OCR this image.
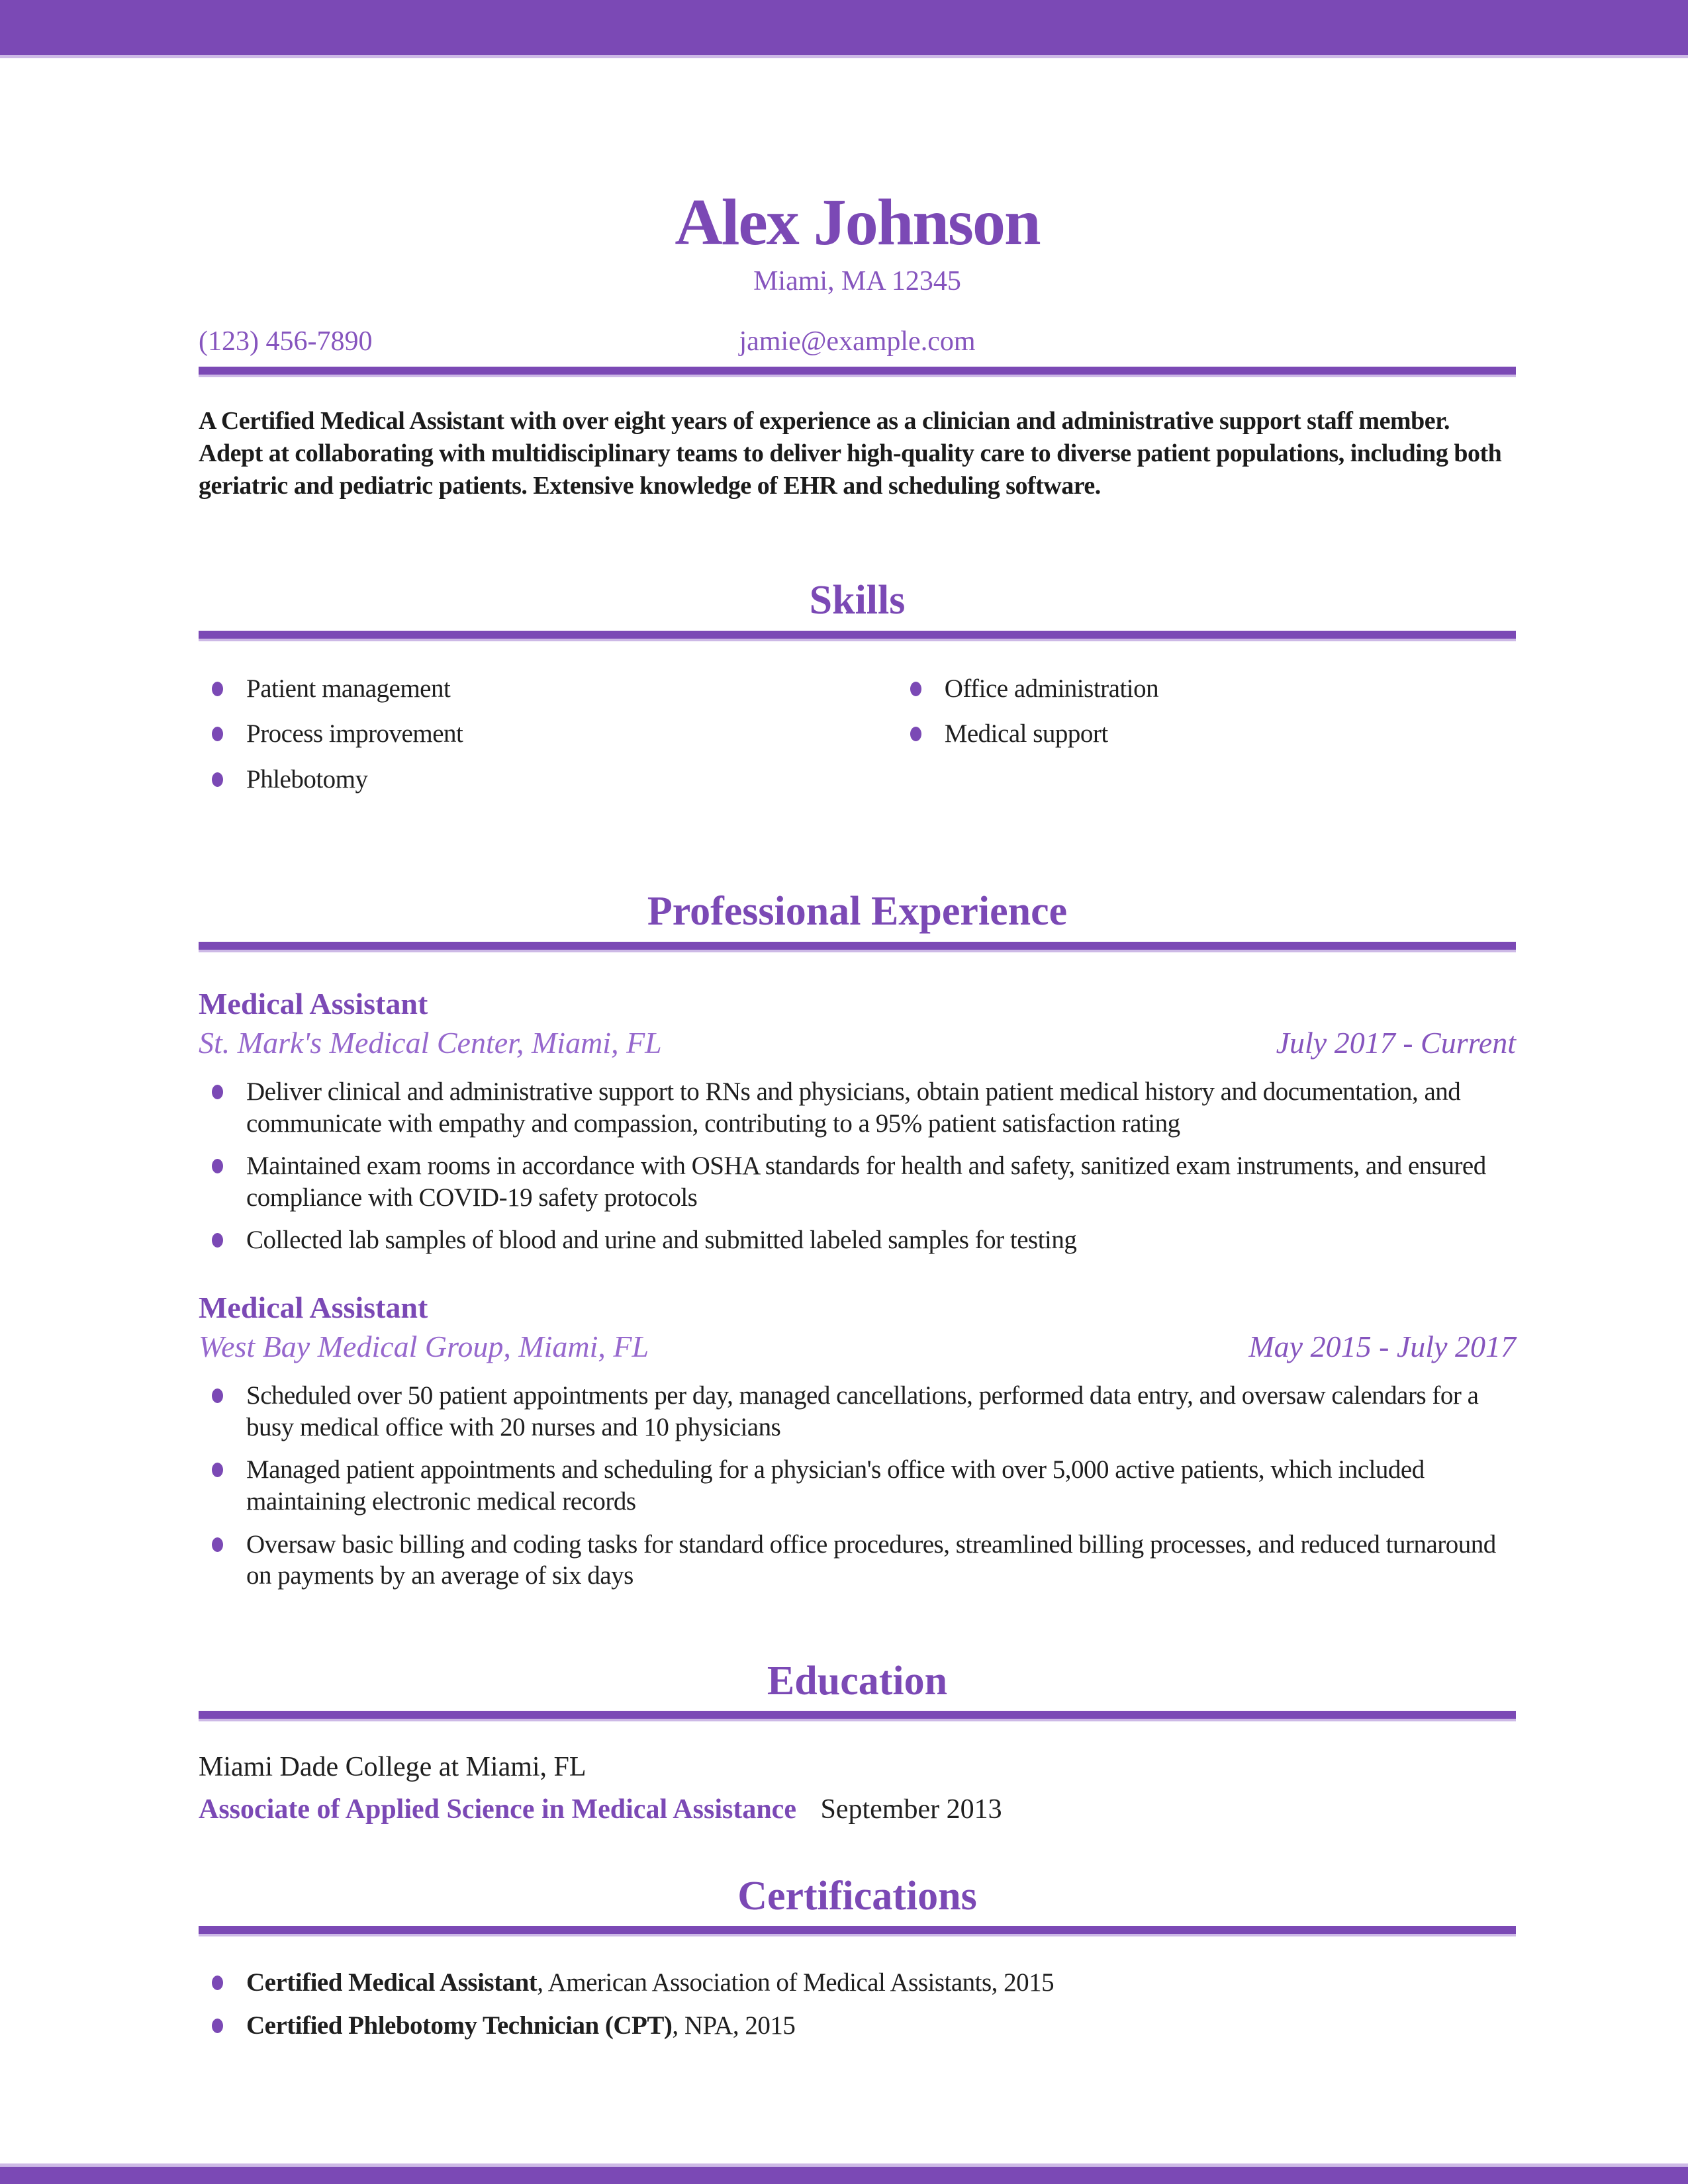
Alex Johnson
Miami, MA 12345
(123) 456-7890	jamie@example.com
A Certified Medical Assistant with over eight years of experience as a clinician and administrative support staff member. Adept at collaborating with multidisciplinary teams to deliver high-quality care to diverse patient populations, including both geriatric and pediatric patients. Extensive knowledge of EHR and scheduling software.
Skills
Patient management
Process improvement
Phlebotomy
Office administration
Medical support
Professional Experience
Medical Assistant
St. Mark's Medical Center, Miami, FL	July 2017 - Current
Deliver clinical and administrative support to RNs and physicians, obtain patient medical history and documentation, and communicate with empathy and compassion, contributing to a 95% patient satisfaction rating
Maintained exam rooms in accordance with OSHA standards for health and safety, sanitized exam instruments, and ensured compliance with COVID-19 safety protocols
Collected lab samples of blood and urine and submitted labeled samples for testing
Medical Assistant
West Bay Medical Group, Miami, FL	May 2015 - July 2017
Scheduled over 50 patient appointments per day, managed cancellations, performed data entry, and oversaw calendars for a busy medical office with 20 nurses and 10 physicians
Managed patient appointments and scheduling for a physician's office with over 5,000 active patients, which included maintaining electronic medical records
Oversaw basic billing and coding tasks for standard office procedures, streamlined billing processes, and reduced turnaround on payments by an average of six days
Education
Miami Dade College at Miami, FL
Associate of Applied Science in Medical Assistance September 2013
Certifications
Certified Medical Assistant, American Association of Medical Assistants, 2015
Certified Phlebotomy Technician (CPT), NPA, 2015
